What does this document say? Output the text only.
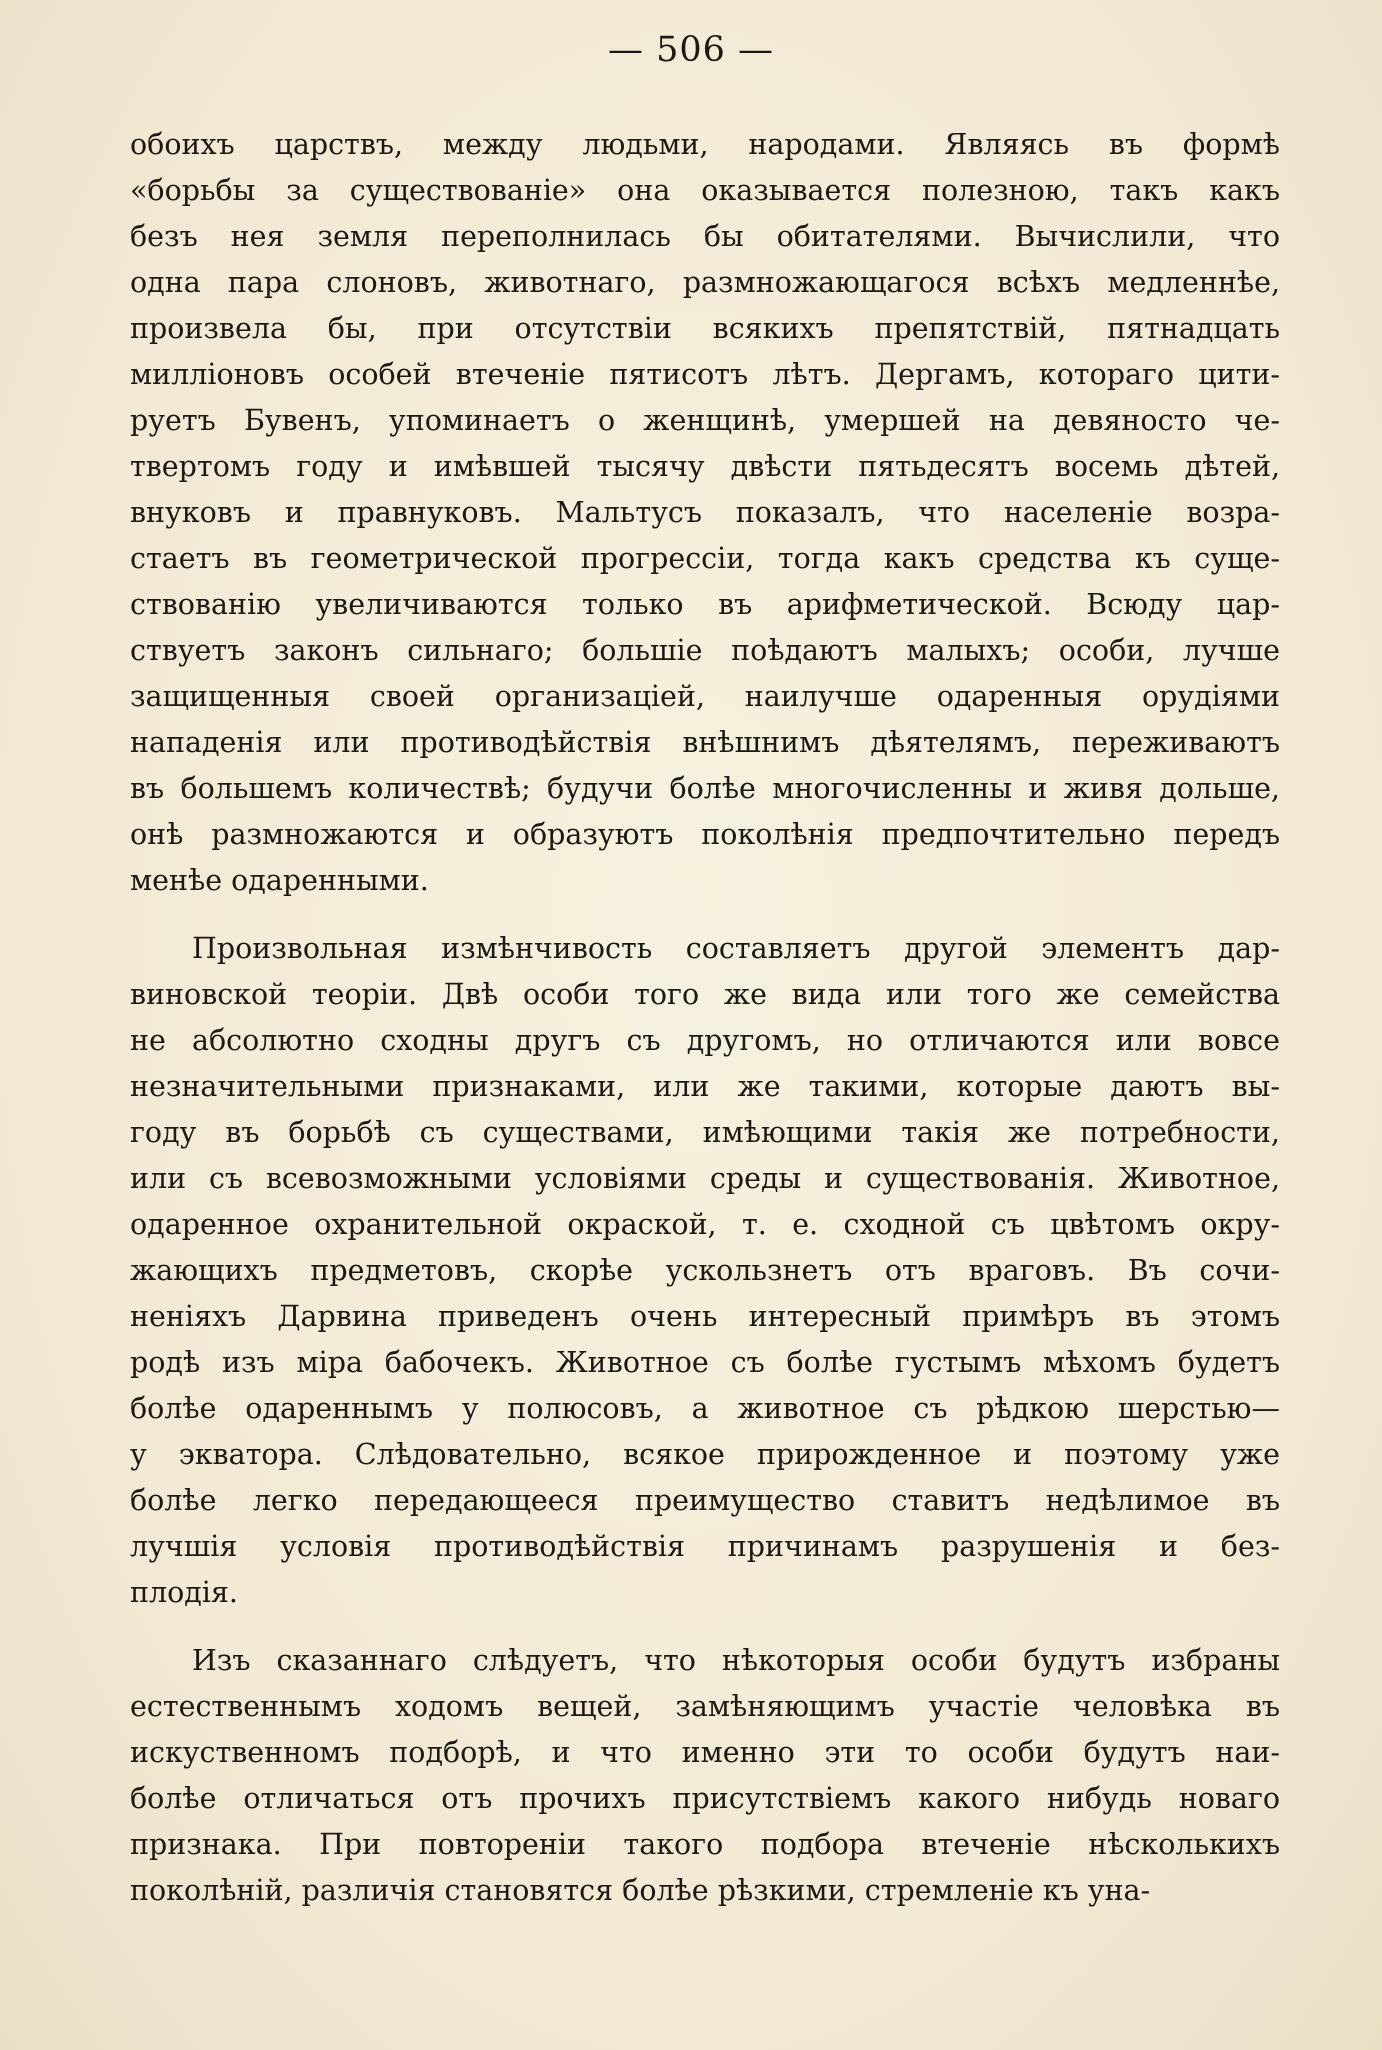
— 506 —
обоихъ царствъ, между людьми, народами. Являясь въ формѣ
«борьбы за существованіе» она оказывается полезною, такъ какъ
безъ нея земля переполнилась бы обитателями. Вычислили, что
одна пара слоновъ, животнаго, размножающагося всѣхъ медленнѣе,
произвела бы, при отсутствіи всякихъ препятствій, пятнадцать
милліоновъ особей втеченіе пятисотъ лѣтъ. Дергамъ, котораго цити-
руетъ Бувенъ, упоминаетъ о женщинѣ, умершей на девяносто че-
твертомъ году и имѣвшей тысячу двѣсти пятьдесятъ восемь дѣтей,
внуковъ и правнуковъ. Мальтусъ показалъ, что населеніе возра-
стаетъ въ геометрической прогрессіи, тогда какъ средства къ суще-
ствованію увеличиваются только въ арифметической. Всюду цар-
ствуетъ законъ сильнаго; большіе поѣдаютъ малыхъ; особи, лучше
защищенныя своей организаціей, наилучше одаренныя орудіями
нападенія или противодѣйствія внѣшнимъ дѣятелямъ, переживаютъ
въ большемъ количествѣ; будучи болѣе многочисленны и живя дольше,
онѣ размножаются и образуютъ поколѣнія предпочтительно передъ
менѣе одаренными.
Произвольная измѣнчивость составляетъ другой элементъ дар-
виновской теоріи. Двѣ особи того же вида или того же семейства
не абсолютно сходны другъ съ другомъ, но отличаются или вовсе
незначительными признаками, или же такими, которые даютъ вы-
году въ борьбѣ съ существами, имѣющими такія же потребности,
или съ всевозможными условіями среды и существованія. Животное,
одаренное охранительной окраской, т. е. сходной съ цвѣтомъ окру-
жающихъ предметовъ, скорѣе ускользнетъ отъ враговъ. Въ сочи-
неніяхъ Дарвина приведенъ очень интересный примѣръ въ этомъ
родѣ изъ міра бабочекъ. Животное съ болѣе густымъ мѣхомъ будетъ
болѣе одареннымъ у полюсовъ, а животное съ рѣдкою шерстью—
у экватора. Слѣдовательно, всякое прирожденное и поэтому уже
болѣе легко передающееся преимущество ставитъ недѣлимое въ
лучшія условія противодѣйствія причинамъ разрушенія и без-
плодія.
Изъ сказаннаго слѣдуетъ, что нѣкоторыя особи будутъ избраны
естественнымъ ходомъ вещей, замѣняющимъ участіе человѣка въ
искуственномъ подборѣ, и что именно эти то особи будутъ наи-
болѣе отличаться отъ прочихъ присутствіемъ какого нибудь новаго
признака. При повтореніи такого подбора втеченіе нѣсколькихъ
поколѣній, различія становятся болѣе рѣзкими, стремленіе къ уна-
